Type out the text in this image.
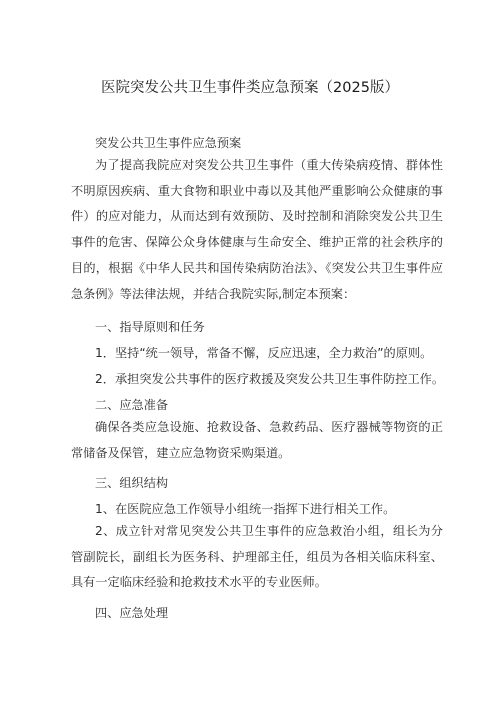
医院突发公共卫生事件类应急预案（2025版）
突发公共卫生事件应急预案

为了提高我院应对突发公共卫生事件（重大传染病疫情、群体性不明原因疾病、重大食物和职业中毒以及其他严重影响公众健康的事件）的应对能力，从而达到有效预防、及时控制和消除突发公共卫生事件的危害、保障公众身体健康与生命安全、维护正常的社会秩序的目的，根据《中华人民共和国传染病防治法》、《突发公共卫生事件应急条例》等法律法规，并结合我院实际,制定本预案：

一、指导原则和任务
1．坚持“统一领导，常备不懈，反应迅速，全力救治”的原则。
2．承担突发公共事件的医疗救援及突发公共卫生事件防控工作。
二、应急准备

确保各类应急设施、抢救设备、急救药品、医疗器械等物资的正常储备及保管，建立应急物资采购渠道。

三、组织结构
1、在医院应急工作领导小组统一指挥下进行相关工作。

2、成立针对常见突发公共卫生事件的应急救治小组，组长为分管副院长，副组长为医务科、护理部主任，组员为各相关临床科室、具有一定临床经验和抢救技术水平的专业医师。

四、应急处理
